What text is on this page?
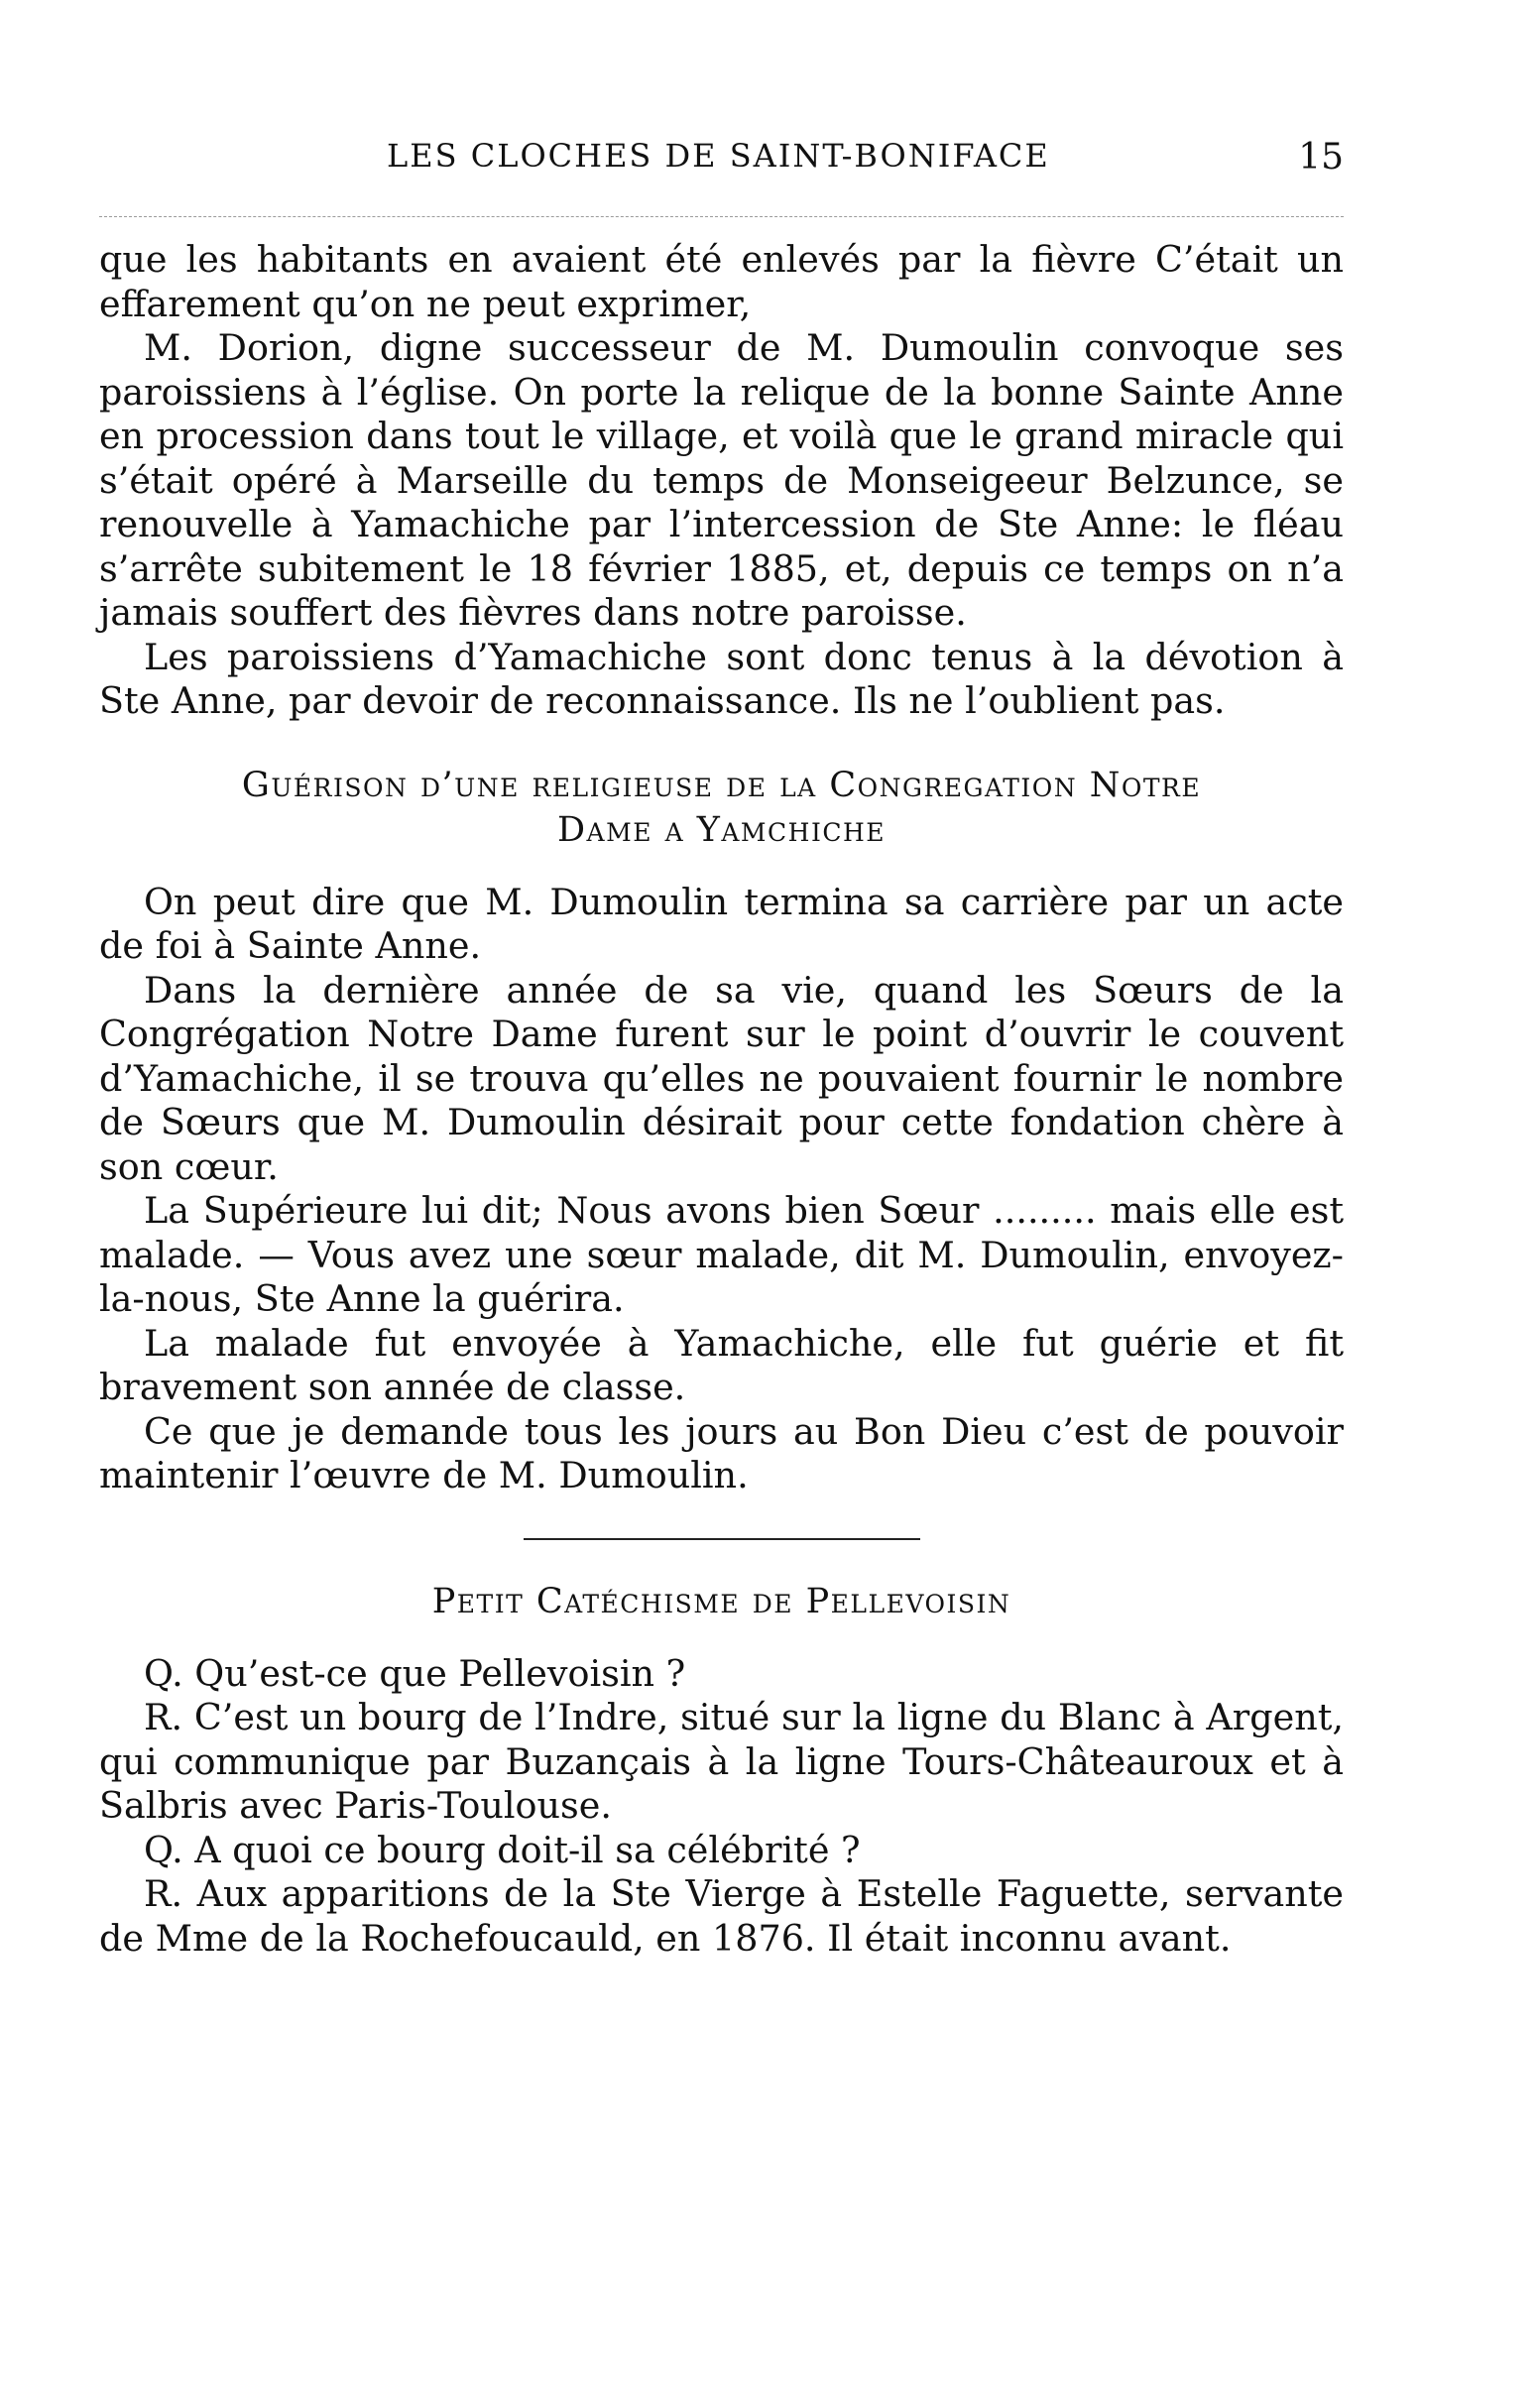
LES CLOCHES DE SAINT-BONIFACE	15

que les habitants en avaient été enlevés par la fièvre C’était un effarement qu’on ne peut exprimer,

M. Dorion, digne successeur de M. Dumoulin convoque ses paroissiens à l’église. On porte la relique de la bonne Sainte Anne en procession dans tout le village, et voilà que le grand miracle qui s’était opéré à Marseille du temps de Monseigeeur Belzunce, se renouvelle à Yamachiche par l’intercession de Ste Anne: le fléau s’arrête subitement le 18 février 1885, et, depuis ce temps on n’a jamais souffert des fièvres dans notre paroisse.

Les paroissiens d’Yamachiche sont donc tenus à la dévotion à Ste Anne, par devoir de reconnaissance. Ils ne l’oublient pas.

Guérison d’une religieuse de la Congregation Notre
Dame a Yamchiche

On peut dire que M. Dumoulin termina sa carrière par un acte de foi à Sainte Anne.

Dans la dernière année de sa vie, quand les Sœurs de la Congrégation Notre Dame furent sur le point d’ouvrir le couvent d’Yamachiche, il se trouva qu’elles ne pouvaient fournir le nombre de Sœurs que M. Dumoulin désirait pour cette fondation chère à son cœur.

La Supérieure lui dit; Nous avons bien Sœur ......... mais elle est malade. — Vous avez une sœur malade, dit M. Dumoulin, envoyez-la-nous, Ste Anne la guérira.

La malade fut envoyée à Yamachiche, elle fut guérie et fit bravement son année de classe.

Ce que je demande tous les jours au Bon Dieu c’est de pouvoir maintenir l’œuvre de M. Dumoulin.

Petit Catéchisme de Pellevoisin

Q. Qu’est-ce que Pellevoisin ?

R. C’est un bourg de l’Indre, situé sur la ligne du Blanc à Argent, qui communique par Buzançais à la ligne Tours-Châteauroux et à Salbris avec Paris-Toulouse.

Q. A quoi ce bourg doit-il sa célébrité ?

R. Aux apparitions de la Ste Vierge à Estelle Faguette, servante de Mme de la Rochefoucauld, en 1876. Il était inconnu avant.
